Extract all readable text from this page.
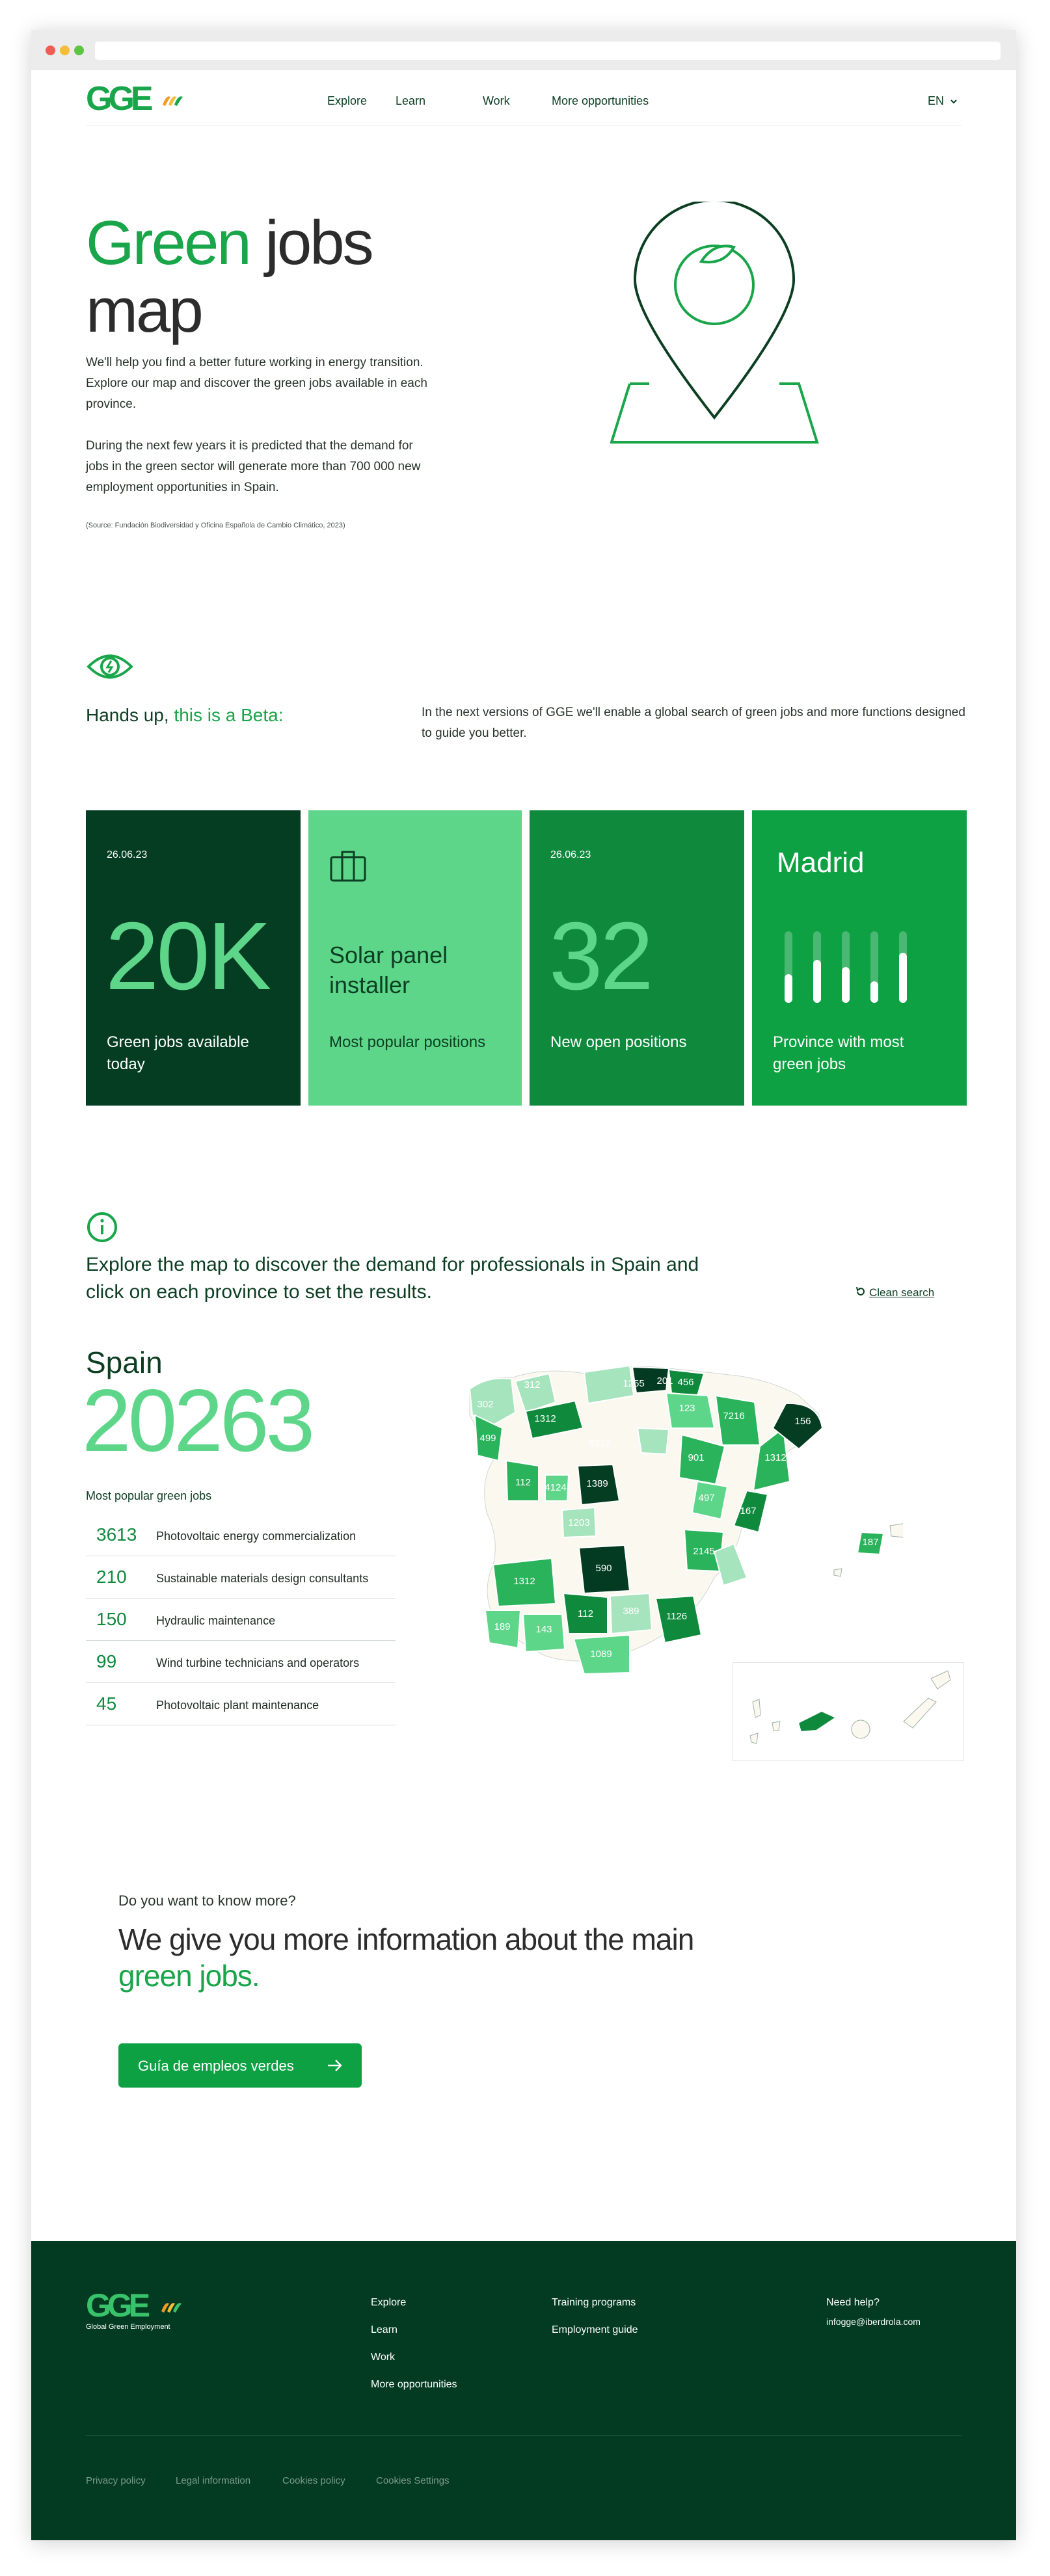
GGE	Explore Learn	Work	More opportunities	EN
Green jobs map
We'll help you find a better future working in energy transition. Explore our map and discover the green jobs available in each province.
During the next few years it is predicted that the demand for jobs in the green sector will generate more than 700 000 new employment opportunities in Spain.
(Source: Fundación Biodiversidad y Oficina Española de Cambio Climático, 2023)
Hands up, this is a Beta:	In the next versions of GGE we'll enable a global search of green jobs and more functions designed to guide you better.
26.06.23
20K
Green jobs available today
Solar panel installer
Most popular positions
26.06.23
32
New open positions
Madrid
Province with most green jobs
Explore the map to discover the demand for professionals in Spain and click on each province to set the results.	Clean search
Spain
20263
Most popular green jobs
3613 Photovoltaic energy commercialization
210	Sustainable materials design consultants
150	Hydraulic maintenance
99	Wind turbine technicians and operators
45	Photovoltaic plant maintenance
302
312	1255 201
1312
456
499
123
7216
8312
901	1312
156
112 4124 1389
167
497
1203
2145
590
1312
112	389	1126
189	143
1089
187
Do you want to know more?
We give you more information about the main green jobs.
Guía de empleos verdes
GGE
Global Green Employment
Explore
Learn
Work
More opportunities
Training programs
Employment guide
Need help?
infogge@iberdrola.com
Privacy policy	Legal information	Cookies policy	Cookies Settings
